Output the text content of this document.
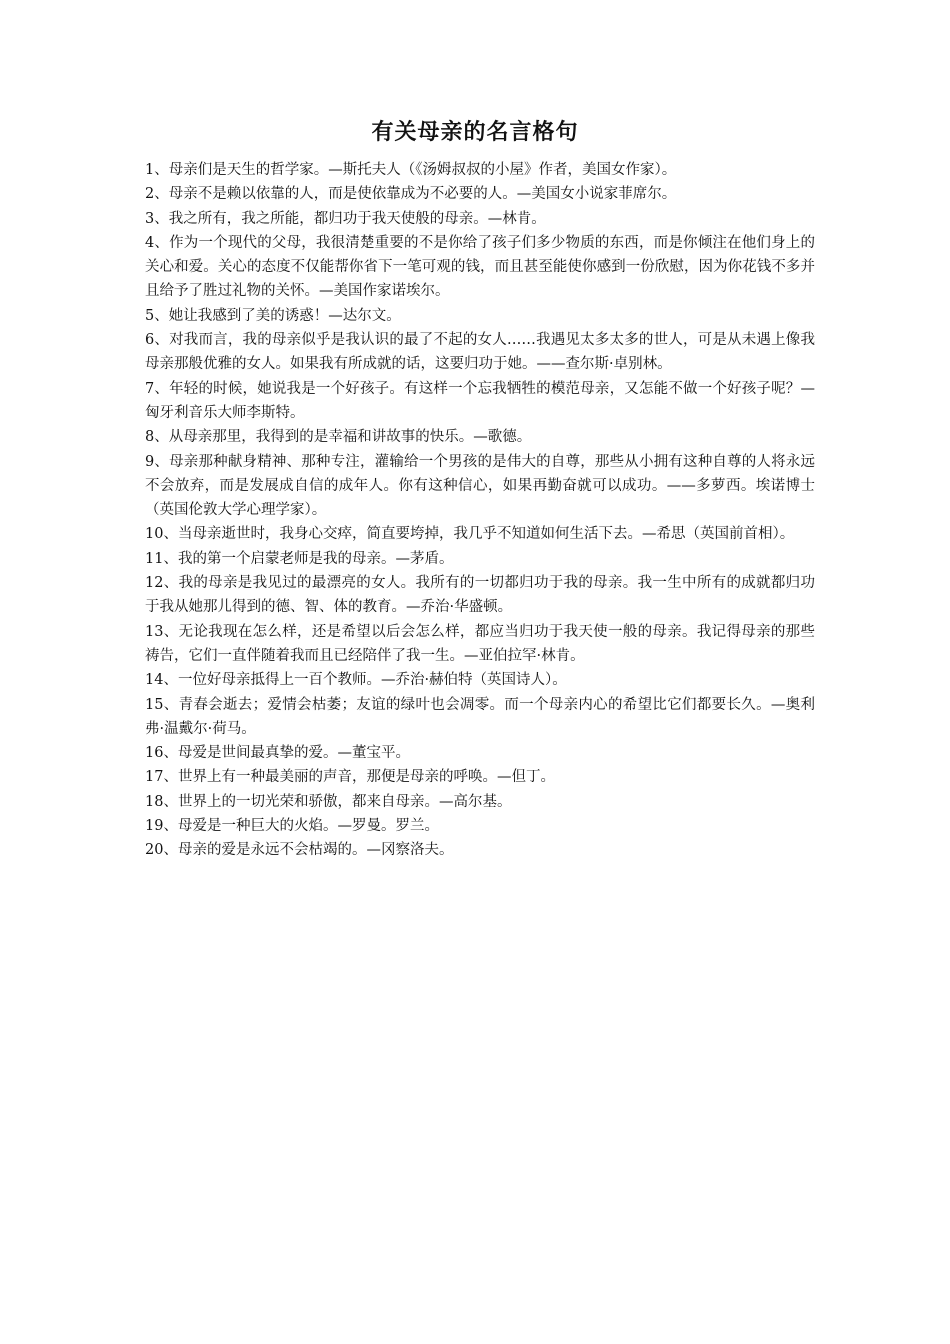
有关母亲的名言格句
1、母亲们是天生的哲学家。—斯托夫人（《汤姆叔叔的小屋》作者，美国女作家）。
2、母亲不是赖以依靠的人，而是使依靠成为不必要的人。—美国女小说家菲席尔。
3、我之所有，我之所能，都归功于我天使般的母亲。—林肯。
4、作为一个现代的父母，我很清楚重要的不是你给了孩子们多少物质的东西，而是你倾注在他们身上的关心和爱。关心的态度不仅能帮你省下一笔可观的钱，而且甚至能使你感到一份欣慰，因为你花钱不多并且给予了胜过礼物的关怀。—美国作家诺埃尔。
5、她让我感到了美的诱惑！—达尔文。
6、对我而言，我的母亲似乎是我认识的最了不起的女人……我遇见太多太多的世人，可是从未遇上像我母亲那般优雅的女人。如果我有所成就的话，这要归功于她。——查尔斯·卓别林。
7、年轻的时候，她说我是一个好孩子。有这样一个忘我牺牲的模范母亲，又怎能不做一个好孩子呢？—匈牙利音乐大师李斯特。
8、从母亲那里，我得到的是幸福和讲故事的快乐。—歌德。
9、母亲那种献身精神、那种专注，灌输给一个男孩的是伟大的自尊，那些从小拥有这种自尊的人将永远不会放弃，而是发展成自信的成年人。你有这种信心，如果再勤奋就可以成功。——多萝西。埃诺博士（英国伦敦大学心理学家）。
10、当母亲逝世时，我身心交瘁，简直要垮掉，我几乎不知道如何生活下去。—希思（英国前首相）。
11、我的第一个启蒙老师是我的母亲。—茅盾。
12、我的母亲是我见过的最漂亮的女人。我所有的一切都归功于我的母亲。我一生中所有的成就都归功于我从她那儿得到的德、智、体的教育。—乔治·华盛顿。
13、无论我现在怎么样，还是希望以后会怎么样，都应当归功于我天使一般的母亲。我记得母亲的那些祷告，它们一直伴随着我而且已经陪伴了我一生。—亚伯拉罕·林肯。
14、一位好母亲抵得上一百个教师。—乔治·赫伯特（英国诗人）。
15、青春会逝去；爱情会枯萎；友谊的绿叶也会凋零。而一个母亲内心的希望比它们都要长久。—奥利弗·温戴尔·荷马。
16、母爱是世间最真挚的爱。—董宝平。
17、世界上有一种最美丽的声音，那便是母亲的呼唤。—但丁。
18、世界上的一切光荣和骄傲，都来自母亲。—高尔基。
19、母爱是一种巨大的火焰。—罗曼。罗兰。
20、母亲的爱是永远不会枯竭的。—冈察洛夫。
